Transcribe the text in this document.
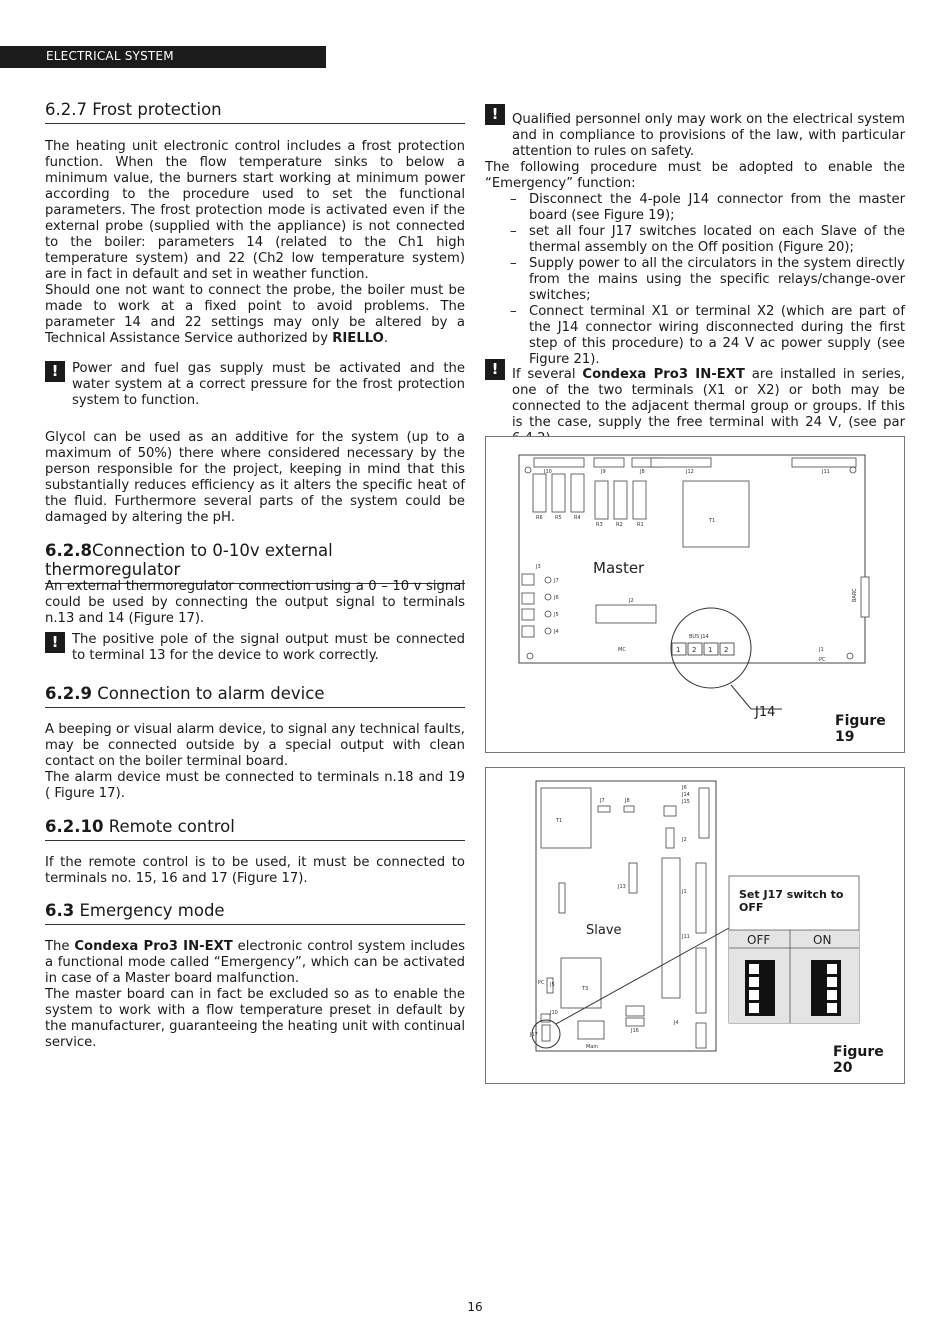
ELECTRICAL SYSTEM
6.2.7 Frost protection

The heating unit electronic control includes a frost protection function. When the flow temperature sinks to below a minimum value, the burners start working at minimum power according to the procedure used to set the functional parameters. The frost protection mode is activated even if the external probe (supplied with the appliance) is not connected to the boiler: parameters 14 (related to the Ch1 high temperature system) and 22 (Ch2 low temperature system) are in fact in default and set in weather function.

Should one not want to connect the probe, the boiler must be made to work at a fixed point to avoid problems. The parameter 14 and 22 settings may only be altered by a Technical Assistance Service authorized by RIELLO.

!	Power and fuel gas supply must be activated and the water system at a correct pressure for the frost protection system to function.

Glycol can be used as an additive for the system (up to a maximum of 50%) there where considered necessary by the person responsible for the project, keeping in mind that this substantially reduces efficiency as it alters the specific heat of the fluid. Furthermore several parts of the system could be damaged by altering the pH.

6.2.8Connection to 0-10v external thermoregulator

An external thermoregulator connection using a 0 – 10 v signal could be used by connecting the output signal to terminals n.13 and 14 (Figure 17).

!	The positive pole of the signal output must be connected to terminal 13 for the device to work correctly.
6.2.9 Connection to alarm device

A beeping or visual alarm device, to signal any technical faults, may be connected outside by a special output with clean contact on the boiler terminal board.

The alarm device must be connected to terminals n.18 and 19 ( Figure 17).

6.2.10 Remote control

If the remote control is to be used, it must be connected to terminals no. 15, 16 and 17 (Figure 17).

6.3 Emergency mode

The Condexa Pro3 IN-EXT electronic control system includes a functional mode called “Emergency”, which can be activated in case of a Master board malfunction.

The master board can in fact be excluded so as to enable the system to work with a flow temperature preset in default by the manufacturer, guaranteeing the heating unit with continual service.

!	Qualified personnel only may work on the electrical system and in compliance to provisions of the law, with particular attention to rules on safety.

The following procedure must be adopted to enable the “Emergency” function:

– Disconnect the 4-pole J14 connector from the master board (see Figure 19);
– set all four J17 switches located on each Slave of the thermal assembly on the Off position (Figure 20);
– Supply power to all the circulators in the system directly from the mains using the specific relays/change-over switches;
– Connect terminal X1 or terminal X2 (which are part of the J14 connector wiring disconnected during the first step of this procedure) to a 24 V ac power supply (see Figure 21).
!	If several Condexa Pro3 IN-EXT are installed in series, one of the two terminals (X1 or X2) or both may be connected to the adjacent thermal group or groups. If this is the case, supply the free terminal with 24 V, (see par
J10	J9	J8	J12	J11
R6 R5 R4
R3	R2	R1
T1
J3
J7
J6
J5
J4
J2
MC
BUS J14
J1
PC
BARC
1 2 1 2
Master
J14
Figure 19
J6
J14
J15
J7	J8
T1
J2
J13
J1
J11
T3
J5
J10
J17
J16
J4
Main
PC
Slave
OFF	ON
Set J17 switch to OFF
Figure 20
16
